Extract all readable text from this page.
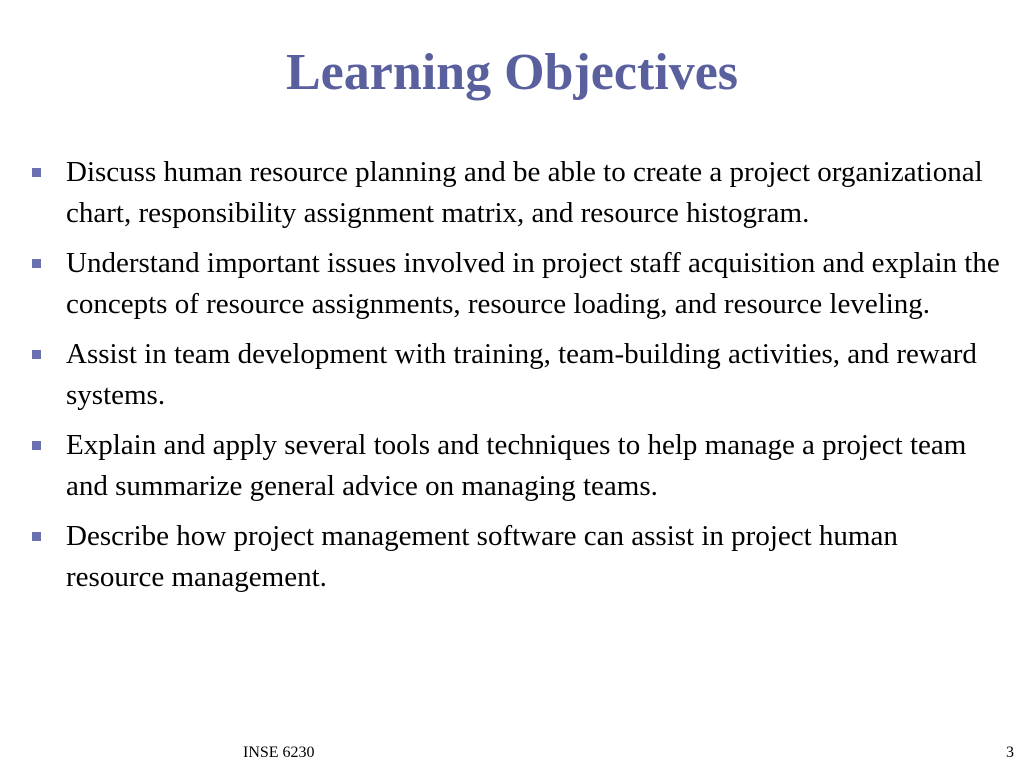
Learning Objectives
Discuss human resource planning and be able to create a project organizational chart, responsibility assignment matrix, and resource histogram.
Understand important issues involved in project staff acquisition and explain the concepts of resource assignments, resource loading, and resource leveling.
Assist in team development with training, team-building activities, and reward systems.
Explain and apply several tools and techniques to help manage a project team and summarize general advice on managing teams.
Describe how project management software can assist in project human resource management.
INSE 6230	3
